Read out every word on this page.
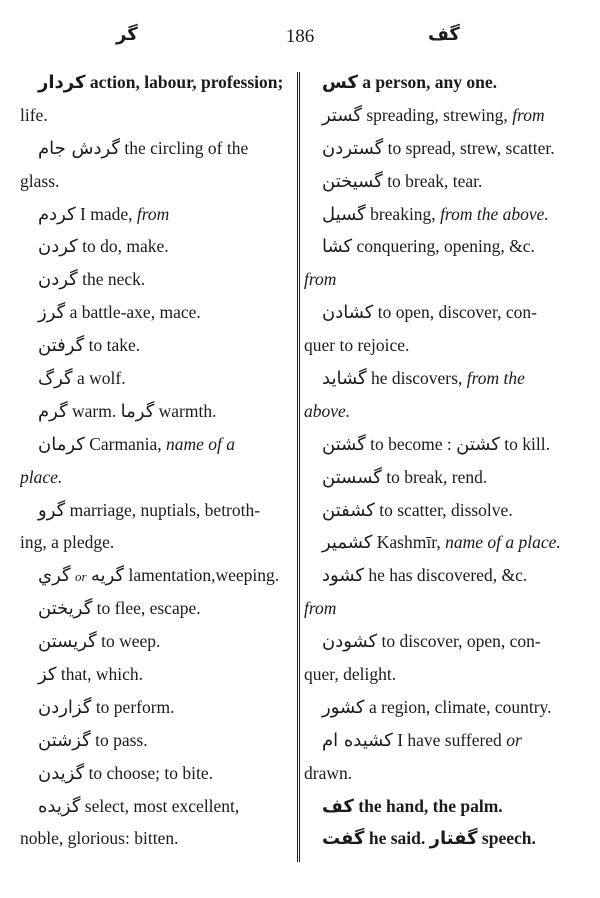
گر	186	گف
كردار action, labour, profession;
life.
گردش جام the circling of the
glass.
كردم I made, from
كردن to do, make.
گردن the neck.
گرز a battle-axe, mace.
گرفتن to take.
گرگ a wolf.
گرم warm. گرما warmth.
كرمان Carmania, name of a
place.
گرو marriage, nuptials, betroth-
ing, a pledge.
گري or گريه lamentation,weeping.
گريختن to flee, escape.
گريستن to weep.
كز that, which.
گزاردن to perform.
گزشتن to pass.
گزيدن to choose; to bite.
گزيده select, most excellent,
noble, glorious: bitten.
كس a person, any one.
گستر spreading, strewing, from
گستردن to spread, strew, scatter.
گسيختن to break, tear.
گسيل breaking, from the above.
كشا conquering, opening, &c.
from
كشادن to open, discover, con-
quer to rejoice.
گشايد he discovers, from the
above.
گشتن to become : كشتن to kill.
گسستن to break, rend.
كشفتن to scatter, dissolve.
كشمير Kashmīr, name of a place.
كشود he has discovered, &c.
from
كشودن to discover, open, con-
quer, delight.
كشور a region, climate, country.
كشيده ام I have suffered or
drawn.
كف the hand, the palm.
گفت he said. گفتار speech.
